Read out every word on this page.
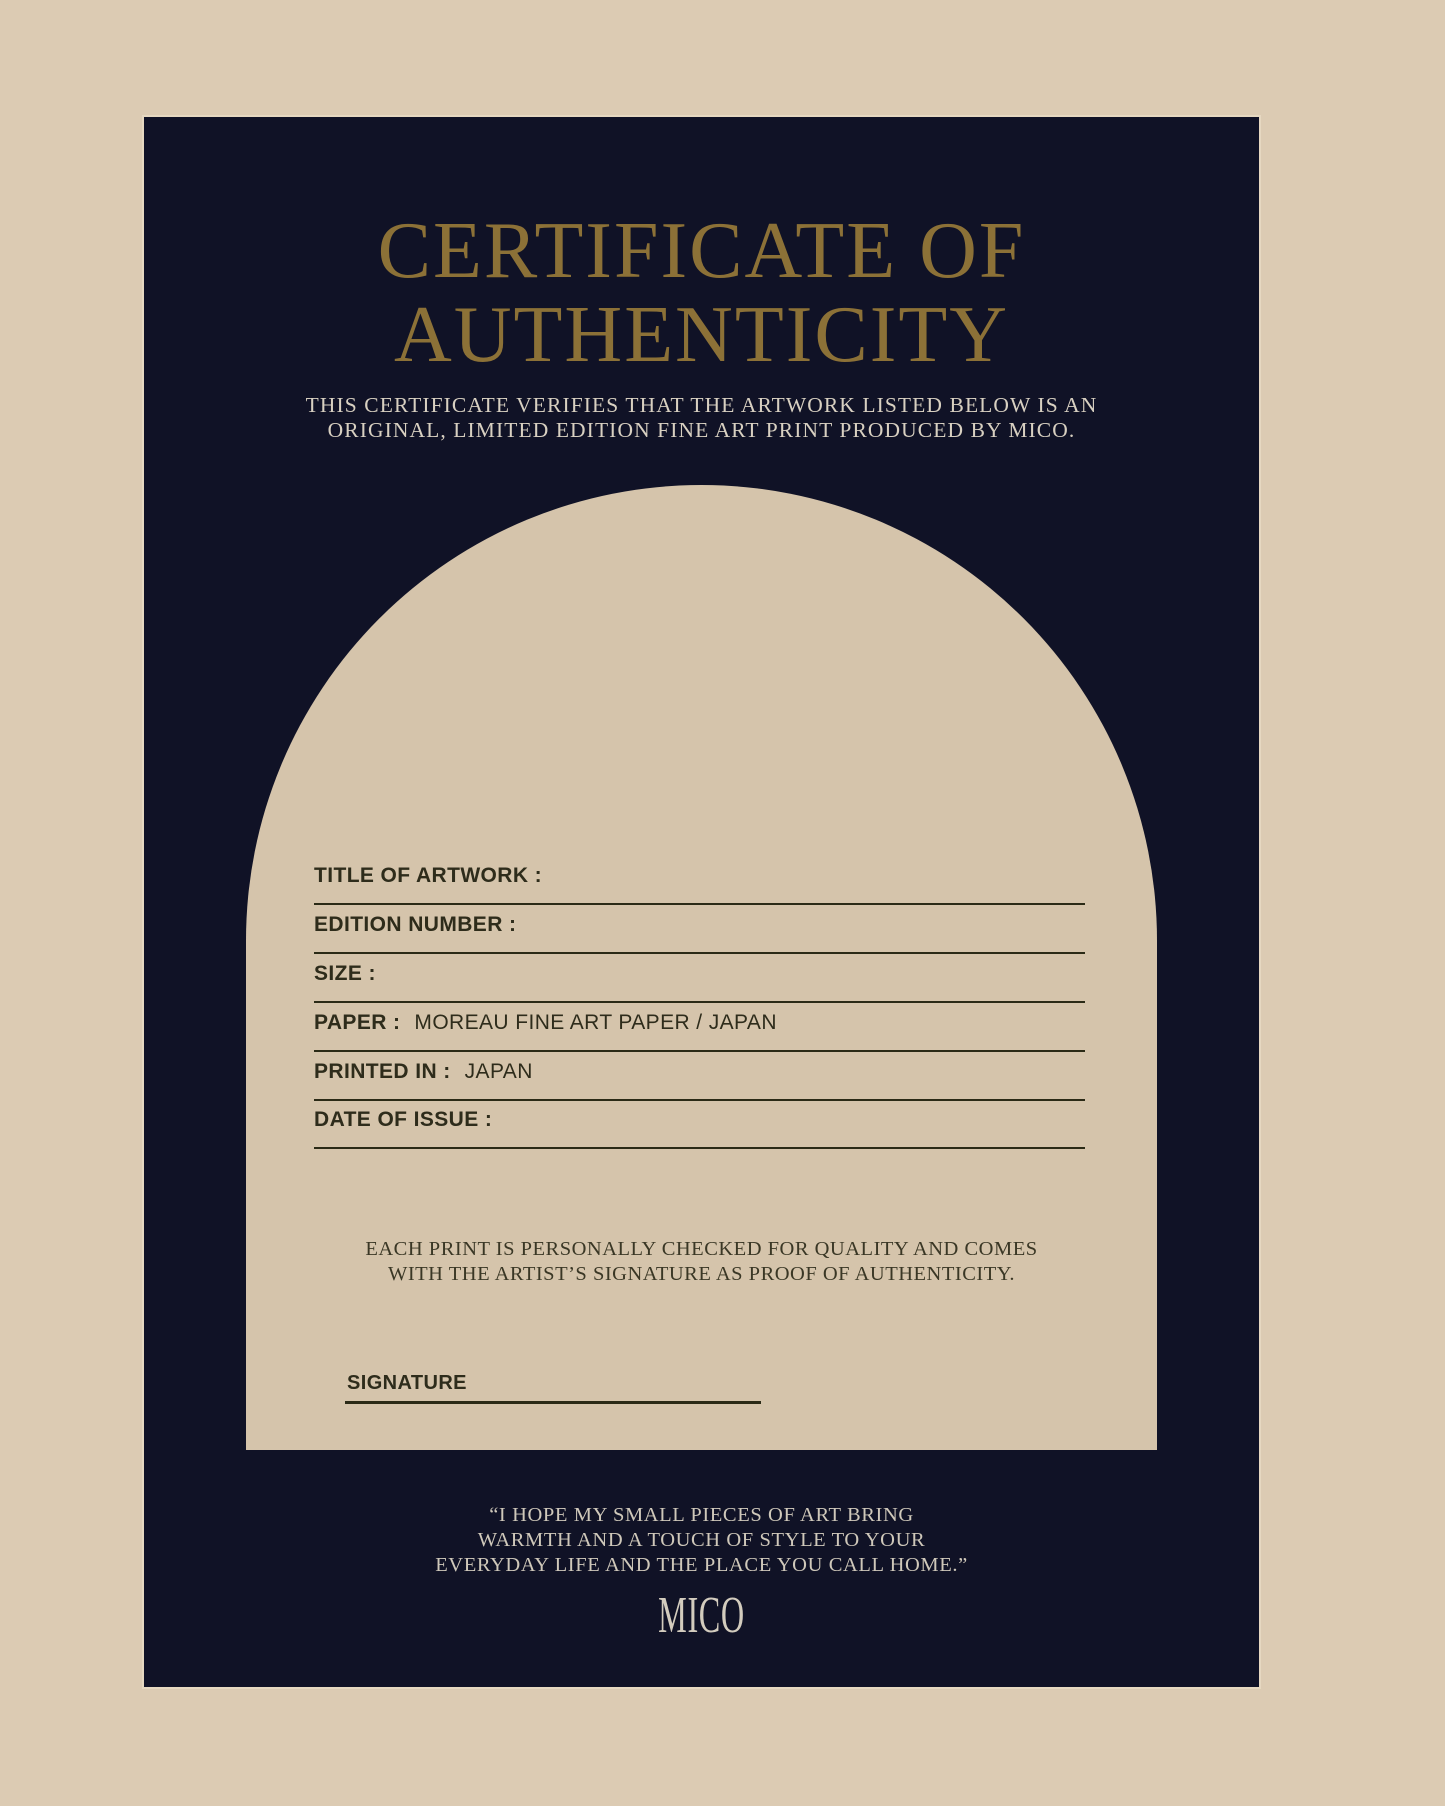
CERTIFICATE OF
AUTHENTICITY

THIS CERTIFICATE VERIFIES THAT THE ARTWORK LISTED BELOW IS AN
ORIGINAL, LIMITED EDITION FINE ART PRINT PRODUCED BY MICO.

TITLE OF ARTWORK :
EDITION NUMBER :
SIZE :
PAPER : MOREAU FINE ART PAPER / JAPAN
PRINTED IN : JAPAN
DATE OF ISSUE :

EACH PRINT IS PERSONALLY CHECKED FOR QUALITY AND COMES
WITH THE ARTIST’S SIGNATURE AS PROOF OF AUTHENTICITY.

SIGNATURE

“I HOPE MY SMALL PIECES OF ART BRING
WARMTH AND A TOUCH OF STYLE TO YOUR
EVERYDAY LIFE AND THE PLACE YOU CALL HOME.”

MICO
